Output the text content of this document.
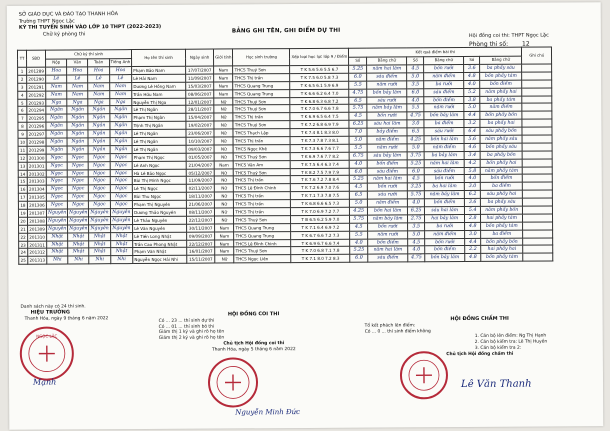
SỞ GIÁO DỤC VÀ ĐÀO TẠO THANH HÓA
Trường THPT Ngọc Lặc
KỲ THI TUYỂN SINH VÀO LỚP 10 THPT (2022-2023)
Chữ ký phòng thi	BẢNG GHI TÊN, GHI ĐIỂM DỰ THI
Hội đồng coi thi: THPT Ngọc Lặc
Phòng thi số: 12
TT	SBD	Chữ ký thí sinh				Họ tên thí sinh	Ngày sinh	Giới tính	Học sinh trường	Xếp loại học lực lớp 9 / Điểm	Kết quả điểm bài thi						Ghi chú
		Nộp	Văn	Toán	Tiếng Anh						Số	Bằng chữ	Số	Bằng chữ	Số	Bằng chữ	
1	201289	Hoa	Hoa	Hoa	Hoa	Phạm Bảo Nam	17/07/2007	Nam	THCS Thuý Sơn	T K 5.6 5.6 5.5 6.7	5.25	năm hai lăm	4.5	bốn rưỡi	3.6	ba phẩy sáu	
2	201290	Lê	Lê	Lê	Lê	Lê Hải Nam	11/09/2007	Nam	THCS Thị trấn	T K 7.5 6.0 5.8 7.3	6.0	sáu điểm	5.0	năm điểm	4.8	bốn phẩy tám	
3	201291	Nam	Nam	Nam	Nam	Dương Lê Hồng Nam	15/03/2007	Nam	THCS Quang Trung	T K 6.5 6.1 5.9 6.9	5.5	năm rưỡi	3.5	ba rưỡi	4.0	bốn điểm	
4	201292	Nam	Nam	Nam	Nam	Trần Hữu Nam	08/06/2007	Nam	THCS Quang Trung	T K 6.6 6.2 6.4 7.0	4.75	bốn bảy lăm	6.0	sáu điểm	5.2	năm phẩy hai	
5	201293	Nga	Nga	Nga	Nga	Nguyễn Thị Nga	12/01/2007	Nữ	THCS Thuý Sơn	T K 6.8 6.3 6.8 7.2	6.5	sáu rưỡi	4.0	bốn điểm	3.8	ba phẩy tám	
6	201294	Ngân	Ngân	Ngân	Ngân	Lê Thị Ngân	28/11/2007	Nữ	THCS Thuý Sơn	T K 7.0 6.7 6.6 7.8	5.75	năm bảy lăm	5.5	năm rưỡi	5.0	năm điểm	
7	201295	Ngân	Ngân	Ngân	Ngân	Phạm Thị Ngân	15/04/2007	Nữ	THCS Thị trấn	T K 6.9 6.5 6.4 7.5	4.5	bốn rưỡi	4.75	bốn bảy lăm	4.4	bốn phẩy bốn	
8	201296	Ngân	Ngân	Ngân	Ngân	Trịnh Thị Ngân	19/02/2007	Nữ	THCS Thuý Sơn	T K 7.2 6.8 6.9 7.9	6.25	sáu hai lăm	3.0	ba điểm	3.2	ba phẩy hai	
9	201297	Ngân	Ngân	Ngân	Ngân	Lê Thị Ngân	23/06/2007	Nữ	THCS Thạch Lập	T K 7.4 8.1 8.3 8.0	7.0	bảy điểm	6.5	sáu rưỡi	6.4	sáu phẩy bốn	
10	201298	Ngân	Ngân	Ngân	Ngân	Lê Thị Ngân	10/10/2007	Nữ	THCS Thị trấn	T K 7.3 7.8 7.3 8.1	5.0	năm điểm	4.25	bốn hai lăm	5.6	năm phẩy sáu	
11	201299	Ngân	Ngân	Ngân	Ngân	Lê Thị Ngân	09/03/2007	Nữ	THCS Ngọc Khê	T K 7.3 6.6 7.6 7.7	5.5	năm rưỡi	5.0	năm điểm	4.6	bốn phẩy sáu	
12	201300	Ngọc	Ngọc	Ngọc	Ngọc	Phạm Thị Ngọc	01/05/2007	Nữ	THCS Thuý Sơn	T K 6.9 7.6 7.7 8.2	6.75	sáu bảy lăm	3.75	ba bảy lăm	3.4	ba phẩy bốn	
13	201301	Ngọc	Ngọc	Ngọc	Ngọc	Lê Anh Ngọc	21/04/2007	Nam	THCS Vân Am	T K 7.5 6.4 6.3 7.4	4.0	bốn điểm	5.25	năm hai lăm	4.2	bốn phẩy hai	
14	201302	Ngọc	Ngọc	Ngọc	Ngọc	Hà Lê Bảo Ngọc	05/12/2007	Nữ	THCS Thuý Sơn	T K 8.2 7.5 7.9 7.9	6.0	sáu điểm	6.0	sáu điểm	5.8	năm phẩy tám	
15	201303	Ngọc	Ngọc	Ngọc	Ngọc	Bùi Thị Minh Ngọc	11/09/2007	Nữ	THCS Thị trấn	T K 7.6 7.2 7.8 8.4	5.25	năm hai lăm	4.5	bốn rưỡi	4.0	bốn điểm	
16	201304	Ngọc	Ngọc	Ngọc	Ngọc	Lê Thị Ngọc	02/11/2007	Nữ	THCS Lê Đình Chinh	T K 7.2 6.9 7.0 7.6	4.5	bốn rưỡi	3.25	ba hai lăm	3.0	ba điểm	
17	201305	Ngọc	Ngọc	Ngọc	Ngọc	Bùi Thu Ngọc	18/11/2007	Nữ	THCS Thị trấn	T K 7.1 7.3 7.8 7.5	6.5	sáu rưỡi	5.75	năm bảy lăm	6.2	sáu phẩy hai	
18	201306	Ngọc	Ngọc	Ngọc	Ngọc	Phạm Thị Nguyên	21/06/2007	Nữ	THCS Thị trấn	T K 6.8 6.6 6.5 7.3	5.0	năm điểm	4.0	bốn điểm	3.6	ba phẩy sáu	
19	201307	Nguyên	Nguyên	Nguyên	Nguyên	Dương Thảo Nguyên	08/11/2007	Nữ	THCS Thị trấn	T K 7.0 6.9 7.2 7.7	4.25	bốn hai lăm	6.25	sáu hai lăm	5.4	năm phẩy bốn	
20	201308	Nguyên	Nguyên	Nguyên	Nguyên	Lê Thảo Nguyên	22/12/2007	Nữ	THCS Thuý Sơn	T B 6.5 6.2 5.9 7.0	5.75	năm bảy lăm	2.75	hai bảy lăm	2.8	hai phẩy tám	
21	201309	Nguyên	Nguyên	Nguyên	Nguyên	Lê Văn Nguyên	30/11/2007	Nam	THCS Quang Trung	T K 7.1 6.4 6.9 7.2	4.5	bốn rưỡi	3.5	ba rưỡi	4.8	bốn phẩy tám	
22	201310	Nhật	Nhật	Nhật	Nhật	Lê Tiến Long Nhật	09/09/2007	Nam	THCS Quang Trung	T K 6.7 6.6 7.2 7.3	5.5	năm rưỡi	5.0	năm điểm	3.0	ba điểm	
23	201311	Nhật	Nhật	Nhật	Nhật	Trần Cao Phong Nhật	22/12/2007	Nam	THCS Lê Đình Chinh	T K 6.9 6.7 6.6 7.4	4.0	bốn điểm	4.5	bốn rưỡi	4.4	bốn phẩy bốn	
24	201312	Nhật	Nhật	Nhật	Nhật	Phạm Văn Nhật	16/01/2007	Nam	THCS Thuý Sơn	T K 7.0 6.8 7.1 7.8	5.25	năm hai lăm	4.0	bốn điểm	2.2	hai phẩy hai	
25	201313	Nhi	Nhi	Nhi	Nhi	Nguyễn Ngọc Hải Nhi	15/11/2007	Nữ	THCS Ngọc Liên	T K 7.1 8.0 7.2 8.3	6.0	sáu điểm	4.75	bốn bảy lăm	4.8	bốn phẩy tám	
Danh sách này có 24 thí sinh.
HIỆU TRƯỞNG
Thanh Hóa, ngày 9 tháng 6 năm 2022
NGỌC LẶC
Mạnh
HỘI ĐỒNG COI THI
Có ... 23 ... thí sinh dự thi
Có ... 01 ... thí sinh bỏ thi
Giám thị 1 ký và ghi rõ họ tên
Giám thị 2 ký và ghi rõ họ tên
Chủ tịch Hội đồng coi thi
Thanh Hóa, ngày 5 tháng 6 năm 2022
Nguyễn Minh Đức
HỘI ĐỒNG CHẤM THI
Tổ kết phách lên điểm:
Có ... 0 ... thí sinh điểm không
1. Cán bộ lên điểm: Ng Thị Hạnh
2. Cán bộ kiểm tra: Lê Thị Huyền
3. Cán bộ kiểm tra 2:
Chủ tịch Hội đồng chấm thi
Lê Văn Thanh
